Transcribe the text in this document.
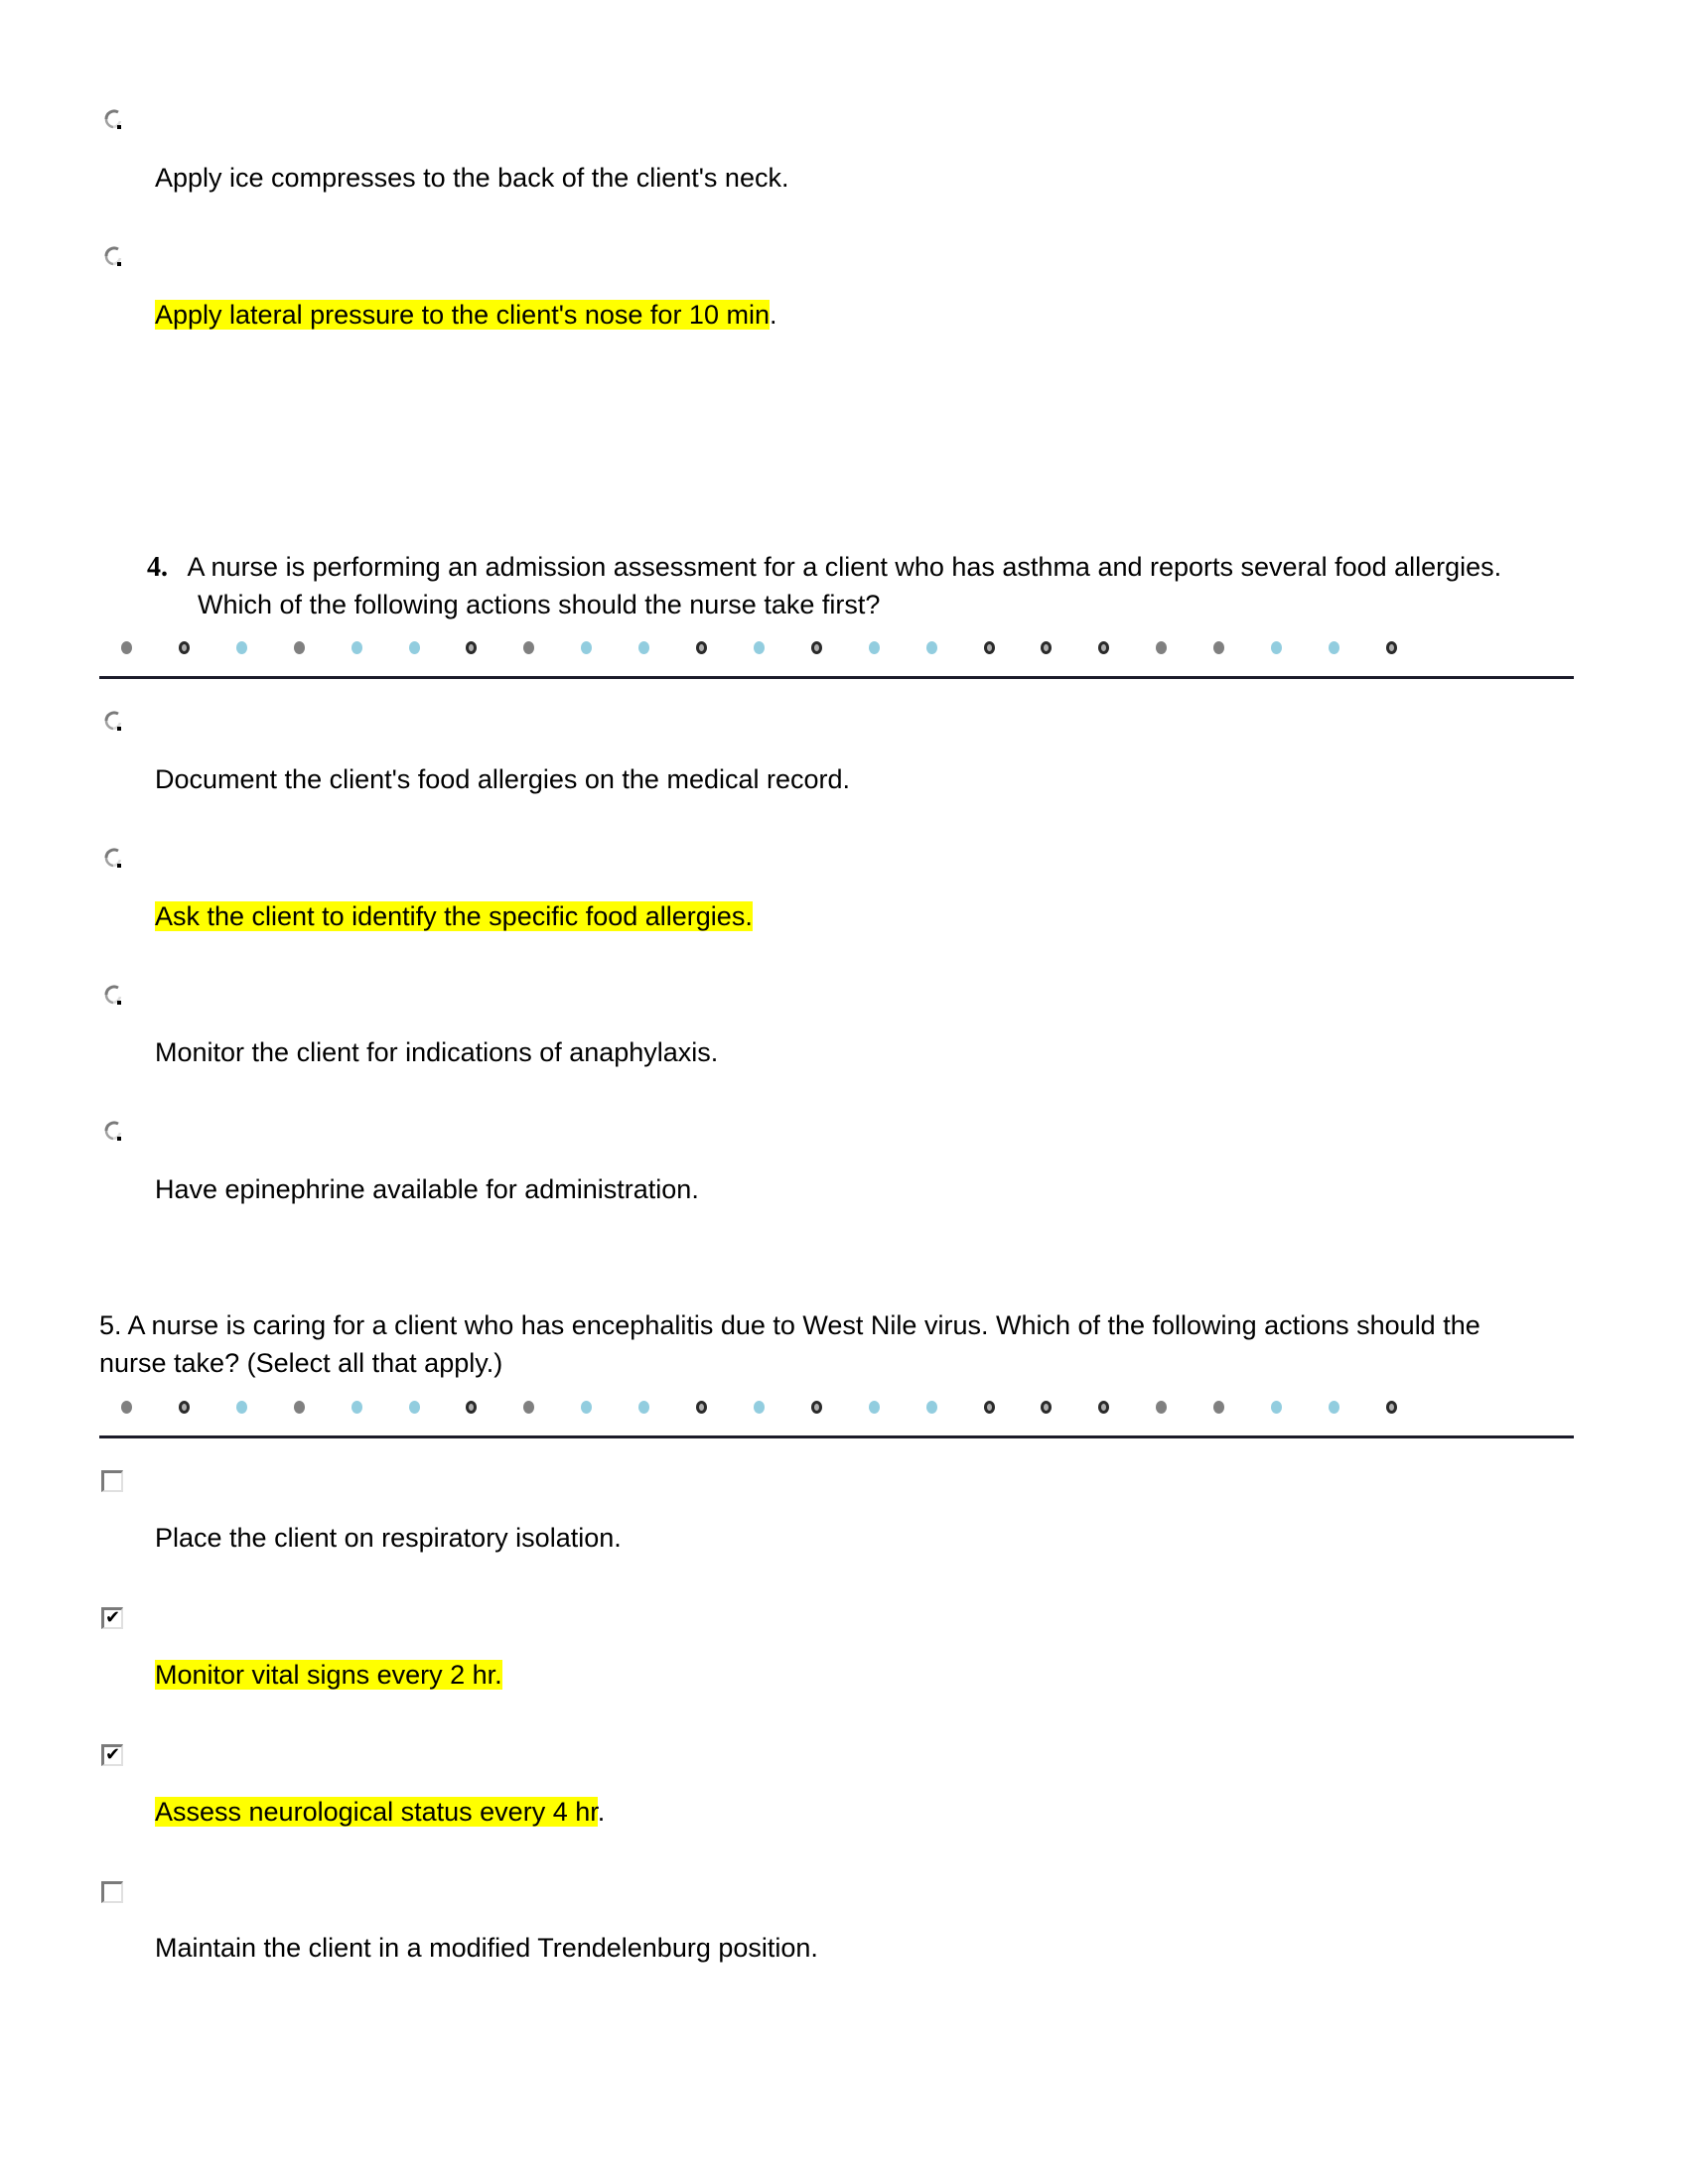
Apply ice compresses to the back of the client's neck.
Apply lateral pressure to the client's nose for 10 min.
4. A nurse is performing an admission assessment for a client who has asthma and reports several food allergies.
Which of the following actions should the nurse take first?
Document the client's food allergies on the medical record.
Ask the client to identify the specific food allergies.
Monitor the client for indications of anaphylaxis.
Have epinephrine available for administration.
5. A nurse is caring for a client who has encephalitis due to West Nile virus. Which of the following actions should the
nurse take? (Select all that apply.)
Place the client on respiratory isolation.
✔
Monitor vital signs every 2 hr.
✔
Assess neurological status every 4 hr.
Maintain the client in a modified Trendelenburg position.
